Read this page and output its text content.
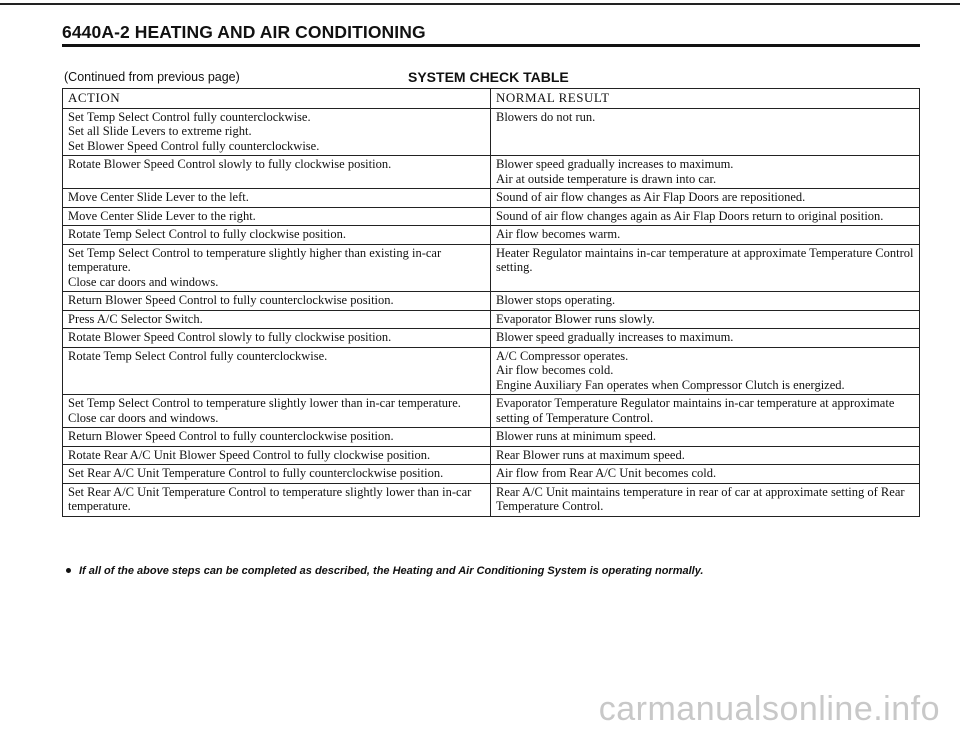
6440A-2 HEATING AND AIR CONDITIONING
(Continued from previous page)	SYSTEM CHECK TABLE
ACTION	NORMAL RESULT
Set Temp Select Control fully counterclockwise.
Set all Slide Levers to extreme right.
Set Blower Speed Control fully counterclockwise.	Blowers do not run.
Rotate Blower Speed Control slowly to fully clockwise position.	Blower speed gradually increases to maximum.
Air at outside temperature is drawn into car.
Move Center Slide Lever to the left.	Sound of air flow changes as Air Flap Doors are repositioned.
Move Center Slide Lever to the right.	Sound of air flow changes again as Air Flap Doors return to original position.
Rotate Temp Select Control to fully clockwise position.	Air flow becomes warm.
Set Temp Select Control to temperature slightly higher than existing in-car temperature.
Close car doors and windows.	Heater Regulator maintains in-car temperature at approximate Temperature Control setting.
Return Blower Speed Control to fully counterclockwise position.	Blower stops operating.
Press A/C Selector Switch.	Evaporator Blower runs slowly.
Rotate Blower Speed Control slowly to fully clockwise position.	Blower speed gradually increases to maximum.
Rotate Temp Select Control fully counterclockwise.	A/C Compressor operates.
Air flow becomes cold.
Engine Auxiliary Fan operates when Compressor Clutch is energized.
Set Temp Select Control to temperature slightly lower than in-car temperature.
Close car doors and windows.	Evaporator Temperature Regulator maintains in-car temperature at approximate setting of Temperature Control.
Return Blower Speed Control to fully counterclockwise position.	Blower runs at minimum speed.
Rotate Rear A/C Unit Blower Speed Control to fully clockwise position.	Rear Blower runs at maximum speed.
Set Rear A/C Unit Temperature Control to fully counterclockwise position.	Air flow from Rear A/C Unit becomes cold.
Set Rear A/C Unit Temperature Control to temperature slightly lower than in-car temperature.	Rear A/C Unit maintains temperature in rear of car at approximate setting of Rear Temperature Control.
If all of the above steps can be completed as described, the Heating and Air Conditioning System is operating normally.
carmanualsonline.info
